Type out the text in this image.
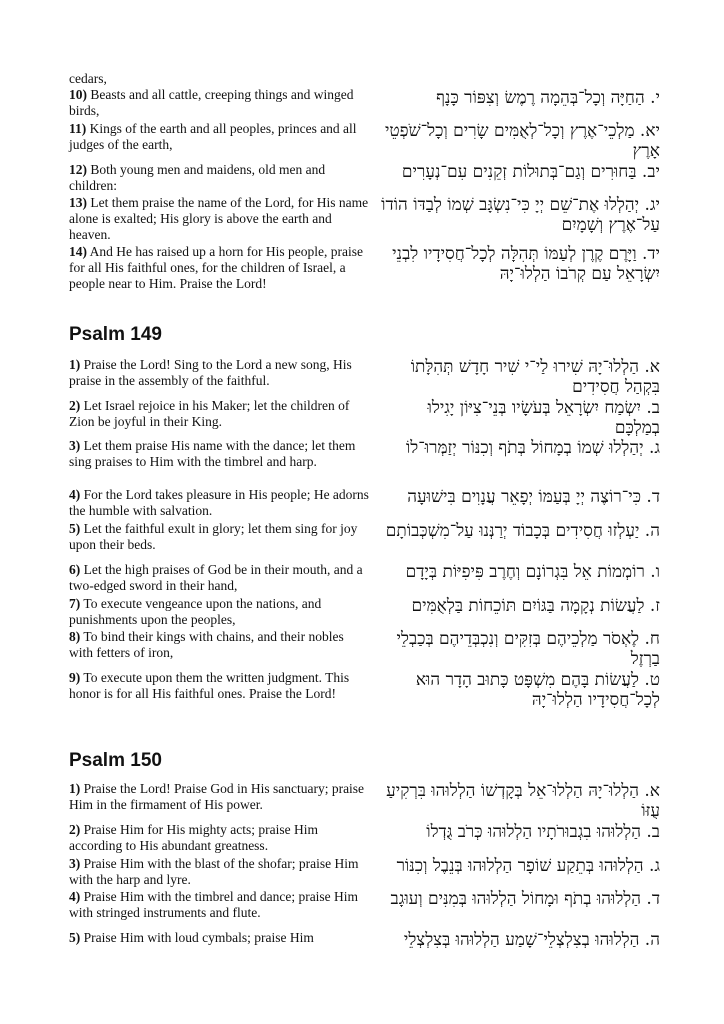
cedars,
10) Beasts and all cattle, creeping things and winged birds,
י. הַחַיָּה וְכָל־בְּהֵמָה רֶמֶשׂ וְצִפּוֹר כָּנָף
11) Kings of the earth and all peoples, princes and all judges of the earth,
יא. מַלְכֵי־אֶרֶץ וְכָל־לְאֻמִּים שָׂרִים וְכָל־שֹׁפְטֵי אָרֶץ
12) Both young men and maidens, old men and children:
יב. בַּחוּרִים וְגַם־בְּתוּלוֹת זְקֵנִים עִם־נְעָרִים
13) Let them praise the name of the Lord, for His name alone is exalted; His glory is above the earth and heaven.
יג. יְהַלְלוּ אֶת־שֵׁם יְיָ כִּי־נִשְׂגָּב שְׁמוֹ לְבַדּוֹ הוֹדוֹ עַל־אֶרֶץ וְשָׁמָיִם
14) And He has raised up a horn for His people, praise for all His faithful ones, for the children of Israel, a people near to Him. Praise the Lord!
יד. וַיָּרֶם קֶרֶן לְעַמּוֹ תְּהִלָּה לְכָל־חֲסִידָיו לִבְנֵי יִשְׂרָאֵל עַם קְרֹבוֹ הַלְלוּ־יָהּ
Psalm 149
1) Praise the Lord! Sing to the Lord a new song, His praise in the assembly of the faithful.
א. הַלְלוּ־יָהּ שִׁירוּ לַי־י שִׁיר חָדָשׁ תְּהִלָּתוֹ בִּקְהַל חֲסִידִים
2) Let Israel rejoice in his Maker; let the children of Zion be joyful in their King.
ב. יִשְׂמַח יִשְׂרָאֵל בְּעֹשָׂיו בְּנֵי־צִיּוֹן יָגִילוּ בְמַלְכָּם
3) Let them praise His name with the dance; let them sing praises to Him with the timbrel and harp.
ג. יְהַלְלוּ שְׁמוֹ בְמָחוֹל בְּתֹף וְכִנּוֹר יְזַמְּרוּ־לוֹ
4) For the Lord takes pleasure in His people; He adorns the humble with salvation.
ד. כִּי־רוֹצֶה יְיָ בְּעַמּוֹ יְפָאֵר עֲנָוִים בִּישׁוּעָה
5) Let the faithful exult in glory; let them sing for joy upon their beds.
ה. יַעְלְזוּ חֲסִידִים בְּכָבוֹד יְרַנְּנוּ עַל־מִשְׁכְּבוֹתָם
6) Let the high praises of God be in their mouth, and a two-edged sword in their hand,
ו. רוֹמְמוֹת אֵל בִּגְרוֹנָם וְחֶרֶב פִּיפִיּוֹת בְּיָדָם
7) To execute vengeance upon the nations, and punishments upon the peoples,
ז. לַעֲשׂוֹת נְקָמָה בַּגּוֹיִם תּוֹכֵחוֹת בַּלְאֻמִּים
8) To bind their kings with chains, and their nobles with fetters of iron,
ח. לֶאְסֹר מַלְכֵיהֶם בְּזִקִּים וְנִכְבְּדֵיהֶם בְּכַבְלֵי בַרְזֶל
9) To execute upon them the written judgment. This honor is for all His faithful ones. Praise the Lord!
ט. לַעֲשׂוֹת בָּהֶם מִשְׁפָּט כָּתוּב הָדָר הוּא לְכָל־חֲסִידָיו הַלְלוּ־יָהּ
Psalm 150
1) Praise the Lord! Praise God in His sanctuary; praise Him in the firmament of His power.
א. הַלְלוּ־יָהּ הַלְלוּ־אֵל בְּקָדְשׁוֹ הַלְלוּהוּ בִּרְקִיעַ עֻזּוֹ
2) Praise Him for His mighty acts; praise Him according to His abundant greatness.
ב. הַלְלוּהוּ בִגְבוּרֹתָיו הַלְלוּהוּ כְּרֹב גֻּדְלוֹ
3) Praise Him with the blast of the shofar; praise Him with the harp and lyre.
ג. הַלְלוּהוּ בְּתֵקַע שׁוֹפָר הַלְלוּהוּ בְּנֵבֶל וְכִנּוֹר
4) Praise Him with the timbrel and dance; praise Him with stringed instruments and flute.
ד. הַלְלוּהוּ בְתֹף וּמָחוֹל הַלְלוּהוּ בְּמִנִּים וְעוּגָב
5) Praise Him with loud cymbals; praise Him	ה. הַלְלוּהוּ בְצִלְצְלֵי־שָׁמַע הַלְלוּהוּ בְּצִלְצְלֵי
